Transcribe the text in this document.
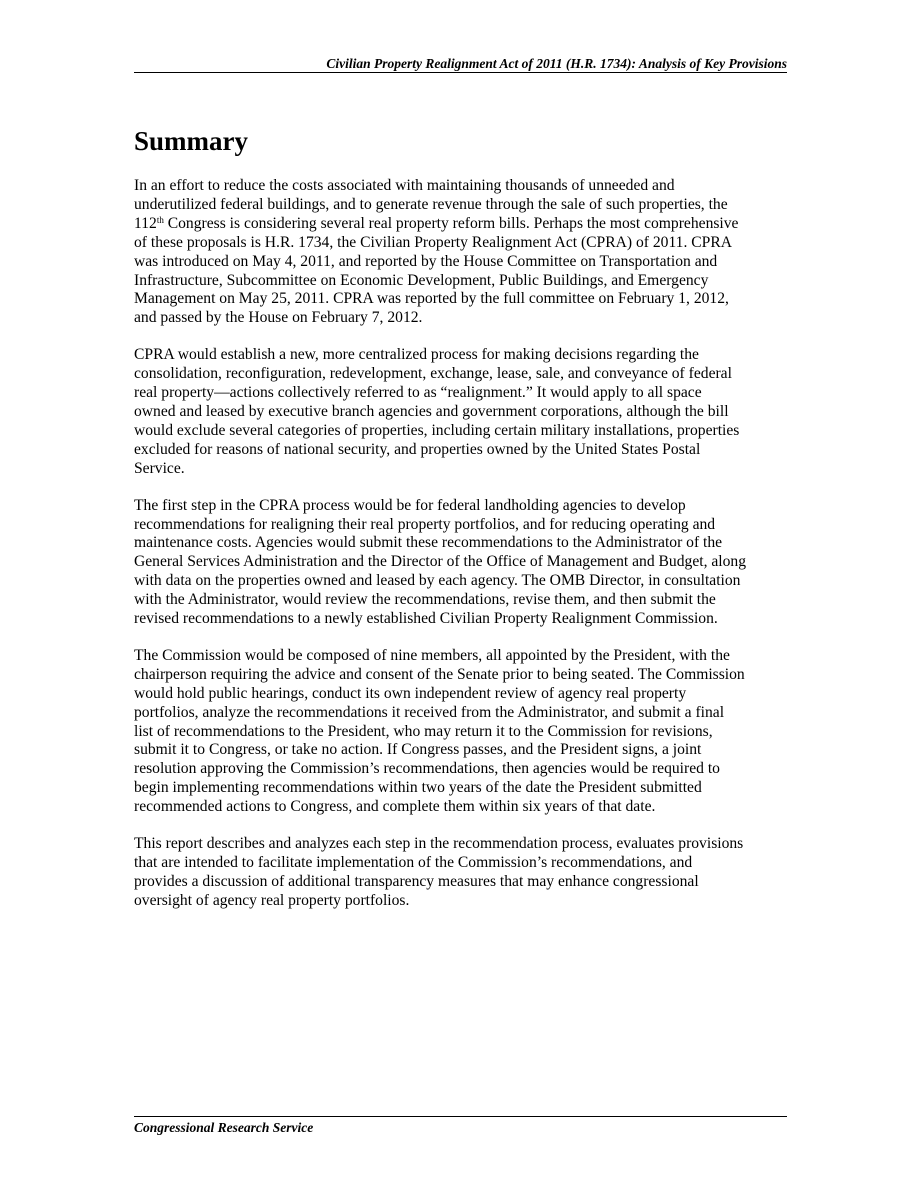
Civilian Property Realignment Act of 2011 (H.R. 1734): Analysis of Key Provisions
Summary

In an effort to reduce the costs associated with maintaining thousands of unneeded and
underutilized federal buildings, and to generate revenue through the sale of such properties, the
112th Congress is considering several real property reform bills. Perhaps the most comprehensive
of these proposals is H.R. 1734, the Civilian Property Realignment Act (CPRA) of 2011. CPRA
was introduced on May 4, 2011, and reported by the House Committee on Transportation and
Infrastructure, Subcommittee on Economic Development, Public Buildings, and Emergency
Management on May 25, 2011. CPRA was reported by the full committee on February 1, 2012,
and passed by the House on February 7, 2012.

CPRA would establish a new, more centralized process for making decisions regarding the
consolidation, reconfiguration, redevelopment, exchange, lease, sale, and conveyance of federal
real property—actions collectively referred to as “realignment.” It would apply to all space
owned and leased by executive branch agencies and government corporations, although the bill
would exclude several categories of properties, including certain military installations, properties
excluded for reasons of national security, and properties owned by the United States Postal
Service.

The first step in the CPRA process would be for federal landholding agencies to develop
recommendations for realigning their real property portfolios, and for reducing operating and
maintenance costs. Agencies would submit these recommendations to the Administrator of the
General Services Administration and the Director of the Office of Management and Budget, along
with data on the properties owned and leased by each agency. The OMB Director, in consultation
with the Administrator, would review the recommendations, revise them, and then submit the
revised recommendations to a newly established Civilian Property Realignment Commission.

The Commission would be composed of nine members, all appointed by the President, with the
chairperson requiring the advice and consent of the Senate prior to being seated. The Commission
would hold public hearings, conduct its own independent review of agency real property
portfolios, analyze the recommendations it received from the Administrator, and submit a final
list of recommendations to the President, who may return it to the Commission for revisions,
submit it to Congress, or take no action. If Congress passes, and the President signs, a joint
resolution approving the Commission’s recommendations, then agencies would be required to
begin implementing recommendations within two years of the date the President submitted
recommended actions to Congress, and complete them within six years of that date.

This report describes and analyzes each step in the recommendation process, evaluates provisions
that are intended to facilitate implementation of the Commission’s recommendations, and
provides a discussion of additional transparency measures that may enhance congressional
oversight of agency real property portfolios.

Congressional Research Service
